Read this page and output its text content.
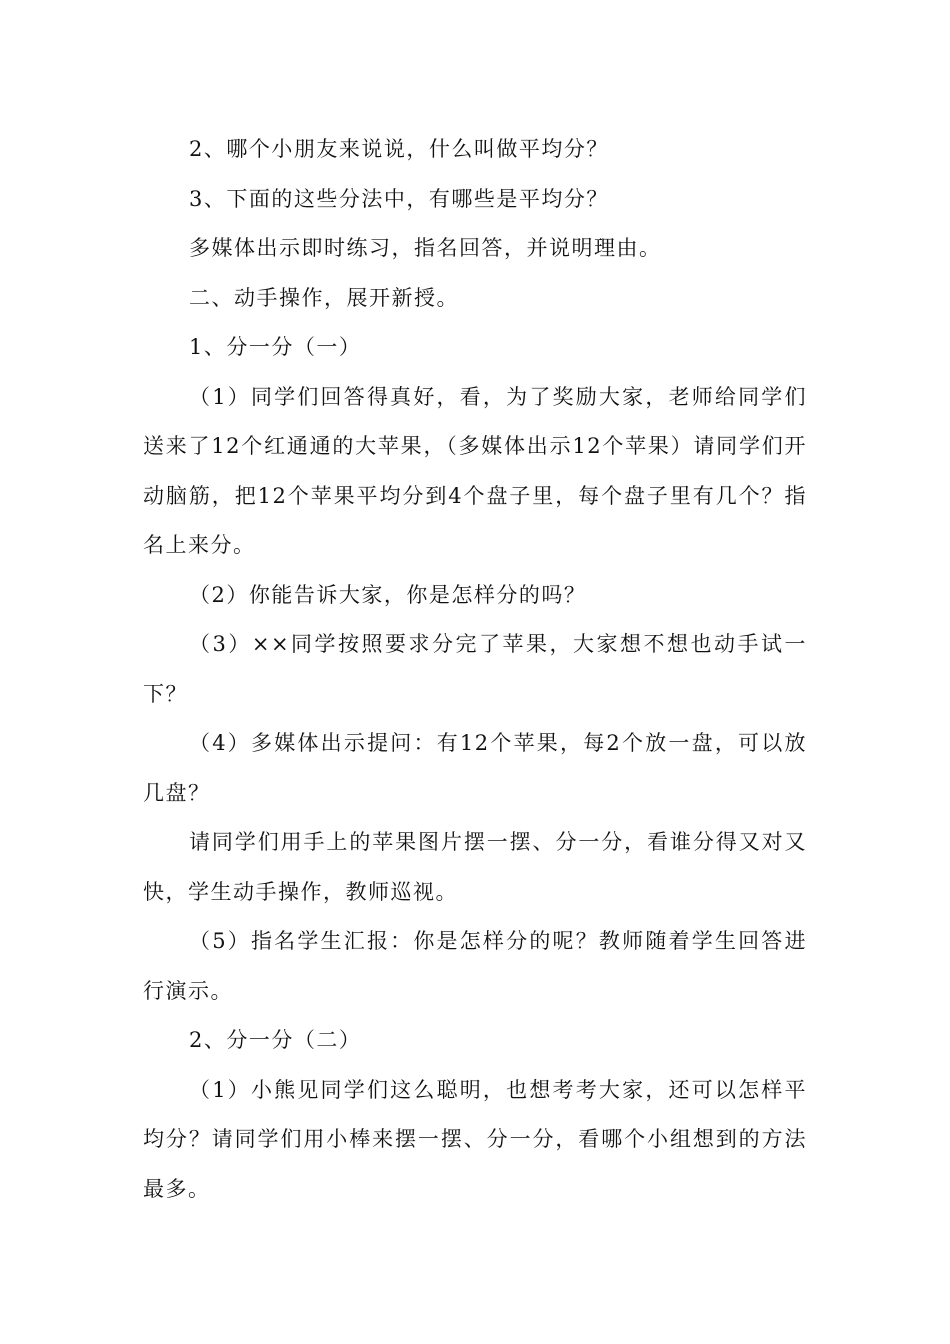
2、哪个小朋友来说说，什么叫做平均分？

3、下面的这些分法中，有哪些是平均分？

多媒体出示即时练习，指名回答，并说明理由。

二、动手操作，展开新授。

1、分一分（一）

（1）同学们回答得真好，看，为了奖励大家，老师给同学们送来了12个红通通的大苹果，（多媒体出示12个苹果）请同学们开动脑筋，把12个苹果平均分到4个盘子里，每个盘子里有几个？指名上来分。

（2）你能告诉大家，你是怎样分的吗？

（3）××同学按照要求分完了苹果，大家想不想也动手试一下？

（4）多媒体出示提问：有12个苹果，每2个放一盘，可以放几盘？

请同学们用手上的苹果图片摆一摆、分一分，看谁分得又对又快，学生动手操作，教师巡视。

（5）指名学生汇报：你是怎样分的呢？教师随着学生回答进行演示。

2、分一分（二）

（1）小熊见同学们这么聪明，也想考考大家，还可以怎样平均分？请同学们用小棒来摆一摆、分一分，看哪个小组想到的方法最多。
